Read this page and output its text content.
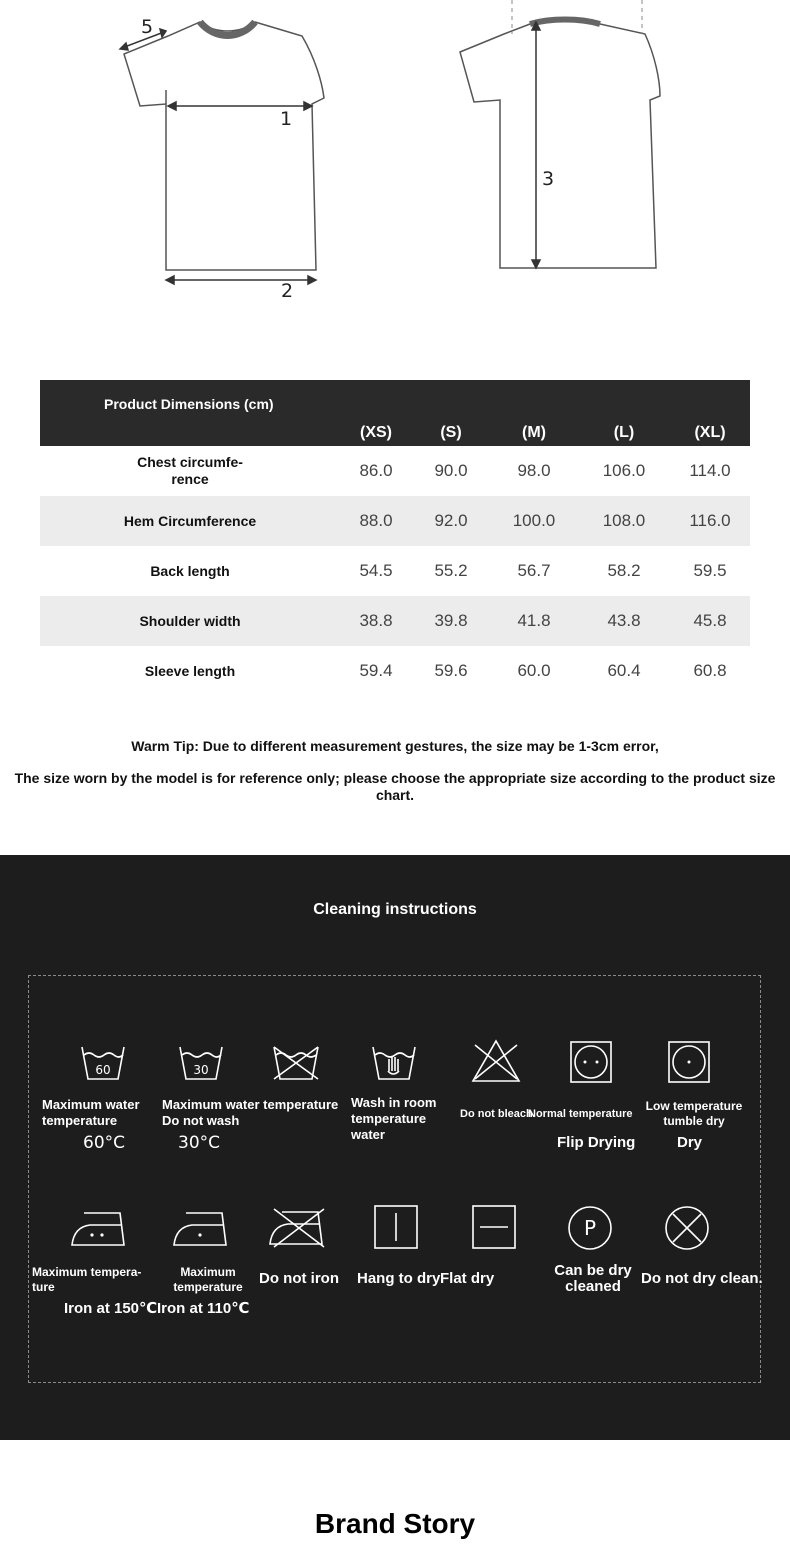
1
2
5
3
Product Dimensions (cm)	(XS)	(S)	(M)	(L)	(XL)
Chest circumfe-
rence	86.0	90.0	98.0	106.0	114.0
Hem Circumference	88.0	92.0	100.0	108.0	116.0
Back length	54.5	55.2	56.7	58.2	59.5
Shoulder width	38.8	39.8	41.8	43.8	45.8
Sleeve length	59.4	59.6	60.0	60.4	60.8
Warm Tip: Due to different measurement gestures, the size may be 1-3cm error,
The size worn by the model is for reference only; please choose the appropriate size according to the product size chart.
Cleaning instructions
60	30
Maximum water temperature
60°C
Maximum water temperature Do not wash
30°C
Wash in room temperature water
Do not bleach
Normal temperature
Flip Drying
Low temperature tumble dry
Dry
P
Maximum tempera-
ture
Iron at 150℃
Maximum temperature
Iron at 110℃
Do not iron Hang to dry Flat dry	Can be dry cleaned	Do not dry clean.
Brand Story
